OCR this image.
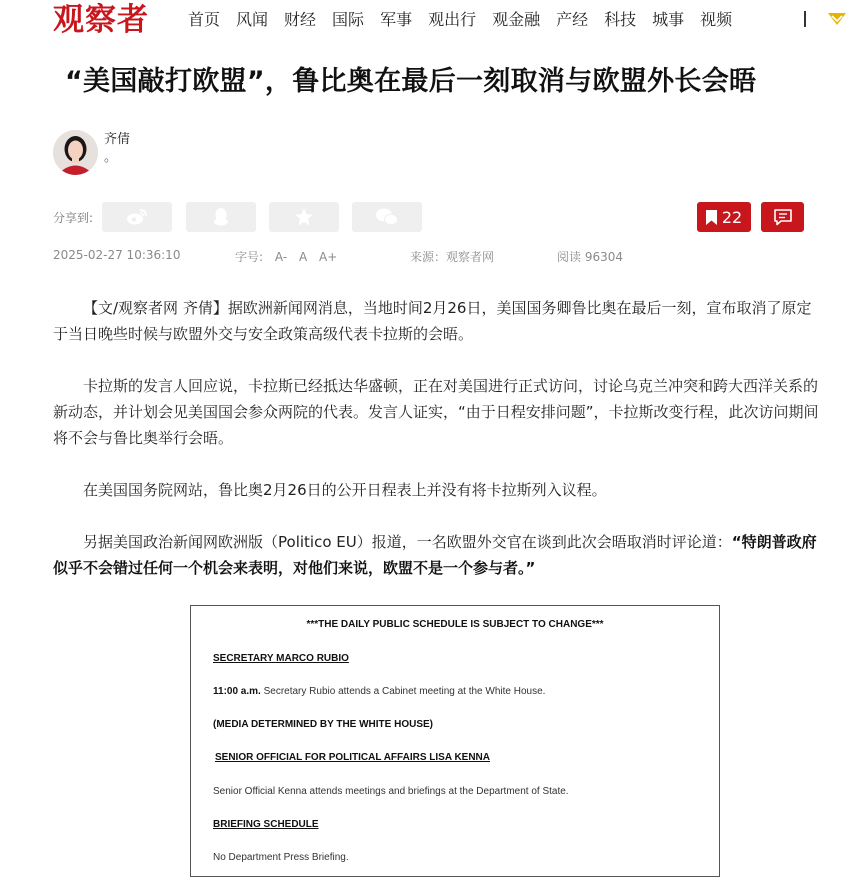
观察者 首页 风闻 财经 国际 军事 观出行 观金融 产经 科技 城事 视频
“美国敲打欧盟”，鲁比奥在最后一刻取消与欧盟外长会晤
齐倩
。
分享到:	22
2025-02-27 10:36:10	字号: A- A A+	来源：观察者网	阅读 96304

【文/观察者网 齐倩】据欧洲新闻网消息，当地时间2月26日，美国国务卿鲁比奥在最后一刻，宣布取消了原定于当日晚些时候与欧盟外交与安全政策高级代表卡拉斯的会晤。

卡拉斯的发言人回应说，卡拉斯已经抵达华盛顿，正在对美国进行正式访问，讨论乌克兰冲突和跨大西洋关系的新动态，并计划会见美国国会参众两院的代表。发言人证实，“由于日程安排问题”，卡拉斯改变行程，此次访问期间将不会与鲁比奥举行会晤。

在美国国务院网站，鲁比奥2月26日的公开日程表上并没有将卡拉斯列入议程。

另据美国政治新闻网欧洲版（Politico EU）报道，一名欧盟外交官在谈到此次会晤取消时评论道：“特朗普政府似乎不会错过任何一个机会来表明，对他们来说，欧盟不是一个参与者。”

***THE DAILY PUBLIC SCHEDULE IS SUBJECT TO CHANGE***
SECRETARY MARCO RUBIO
11:00 a.m. Secretary Rubio attends a Cabinet meeting at the White House.
(MEDIA DETERMINED BY THE WHITE HOUSE)
SENIOR OFFICIAL FOR POLITICAL AFFAIRS LISA KENNA
Senior Official Kenna attends meetings and briefings at the Department of State.
BRIEFING SCHEDULE
No Department Press Briefing.
